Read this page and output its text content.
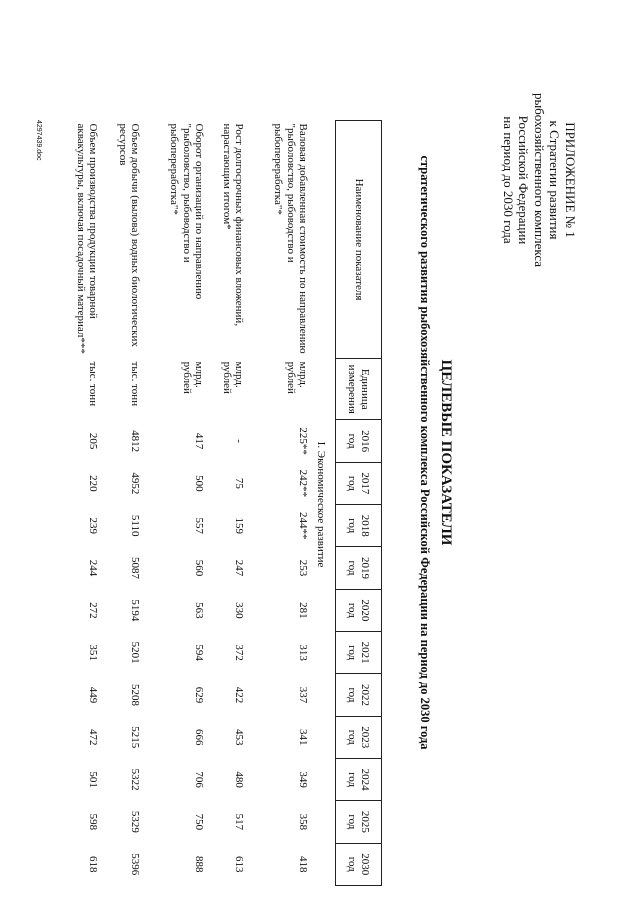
ПРИЛОЖЕНИЕ № 1
к Стратегии развития
рыбохозяйственного комплекса
Российской Федерации
на период до 2030 года
ЦЕЛЕВЫЕ ПОКАЗАТЕЛИ
стратегического развития рыбохозяйственного комплекса Российской Федерации на период до 2030 года
Наименование показателя	Единица измерения	2016 год	2017 год	2018 год	2019 год	2020 год	2021 год	2022 год	2023 год	2024 год	2025 год	2030 год
		I. Экономическое развитие										
Валовая добавленная стоимость по направлению "рыболовство, рыбоводство и рыбопереработка"*	млрд. рублей	225**	242**	244**	253	281	313	337	341	349	358	418
Рост долгосрочных финансовых вложений, нарастающим итогом*	млрд. рублей	-	75	159	247	330	372	422	453	480	517	613
Оборот организаций по направлению "рыболовство, рыбоводство и рыбопереработка"*	млрд. рублей	417	500	557	560	563	594	629	666	706	750	888
Объем добычи (вылова) водных биологических ресурсов	тыс. тонн	4812	4952	5110	5087	5194	5201	5208	5215	5322	5329	5396
Объем производства продукции товарной аквакультуры, включая посадочный материал***	тыс. тонн	205	220	239	244	272	351	449	472	501	598	618
4297439.doc
